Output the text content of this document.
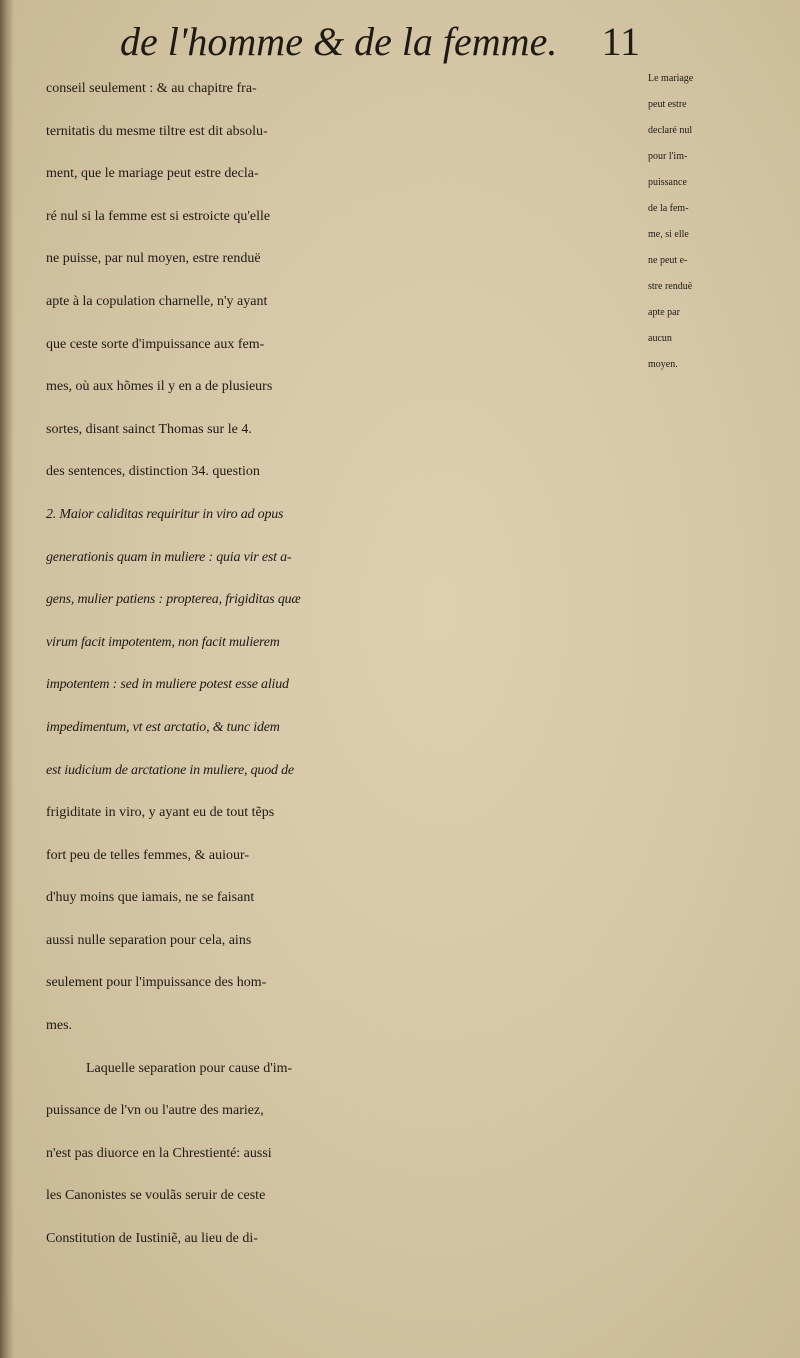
de l'homme & de la femme. 11
conseil seulement : & au chapitre fra-
ternitatis du mesme tiltre est dit absolu-
ment, que le mariage peut estre decla-
ré nul si la femme est si estroicte qu'elle
ne puisse, par nul moyen, estre renduë
apte à la copulation charnelle, n'y ayant
que ceste sorte d'impuissance aux fem-
mes, où aux hõmes il y en a de plusieurs
sortes, disant sainct Thomas sur le 4.
des sentences, distinction 34. question
2. Maior caliditas requiritur in viro ad opus
generationis quam in muliere : quia vir est a-
gens, mulier patiens : propterea, frigiditas quæ
virum facit impotentem, non facit mulierem
impotentem : sed in muliere potest esse aliud
impedimentum, vt est arctatio, & tunc idem
est iudicium de arctatione in muliere, quod de
frigiditate in viro, y ayant eu de tout tẽps
fort peu de telles femmes, & auiour-
d'huy moins que iamais, ne se faisant
aussi nulle separation pour cela, ains
seulement pour l'impuissance des hom-
mes.
Laquelle separation pour cause d'im-
puissance de l'vn ou l'autre des mariez,
n'est pas diuorce en la Chrestienté: aussi
les Canonistes se voulãs seruir de ceste
Constitution de Iustiniẽ, au lieu de di-
Le mariage
peut estre
declaré nul
pour l'im-
puissance
de la fem-
me, si elle
ne peut e-
stre renduë
apte par
aucun
moyen.
